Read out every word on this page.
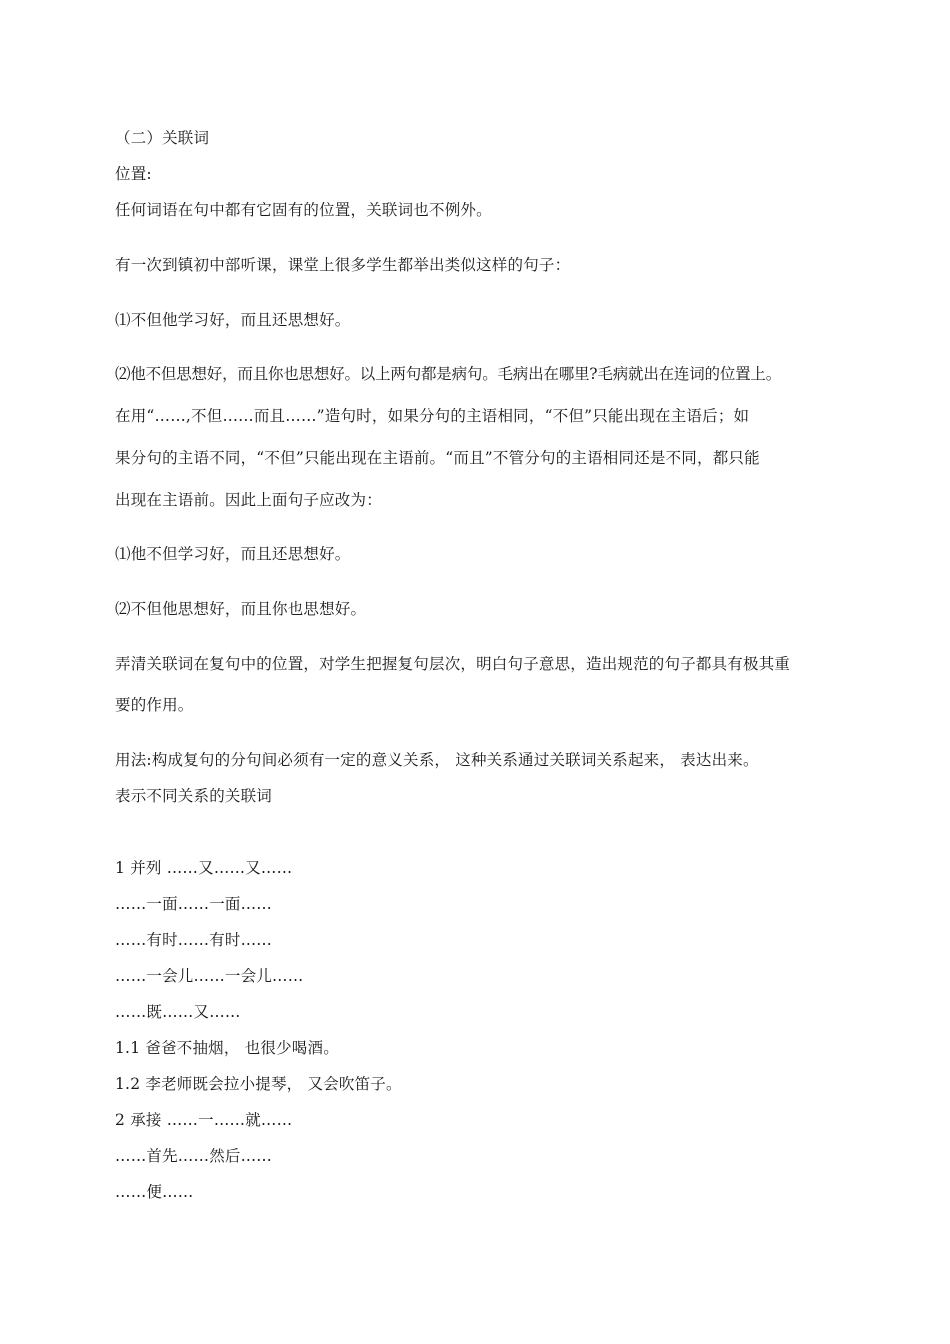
（二）关联词
位置:
任何词语在句中都有它固有的位置，关联词也不例外。
有一次到镇初中部听课，课堂上很多学生都举出类似这样的句子：
⑴不但他学习好，而且还思想好。
⑵他不但思想好，而且你也思想好。以上两句都是病句。毛病出在哪里?毛病就出在连词的位置上。
在用“……,不但……而且……”造句时，如果分句的主语相同，“不但”只能出现在主语后；如
果分句的主语不同，“不但”只能出现在主语前。“而且”不管分句的主语相同还是不同，都只能
出现在主语前。因此上面句子应改为：
⑴他不但学习好，而且还思想好。
⑵不但他思想好，而且你也思想好。
弄清关联词在复句中的位置，对学生把握复句层次，明白句子意思，造出规范的句子都具有极其重
要的作用。
用法:构成复句的分句间必须有一定的意义关系， 这种关系通过关联词关系起来， 表达出来。
表示不同关系的关联词
1 并列 ……又……又……
……一面……一面……
……有时……有时……
……一会儿……一会儿……
……既……又……
1.1 爸爸不抽烟， 也很少喝酒。
1.2 李老师既会拉小提琴， 又会吹笛子。
2 承接 ……一……就……
……首先……然后……
……便……
